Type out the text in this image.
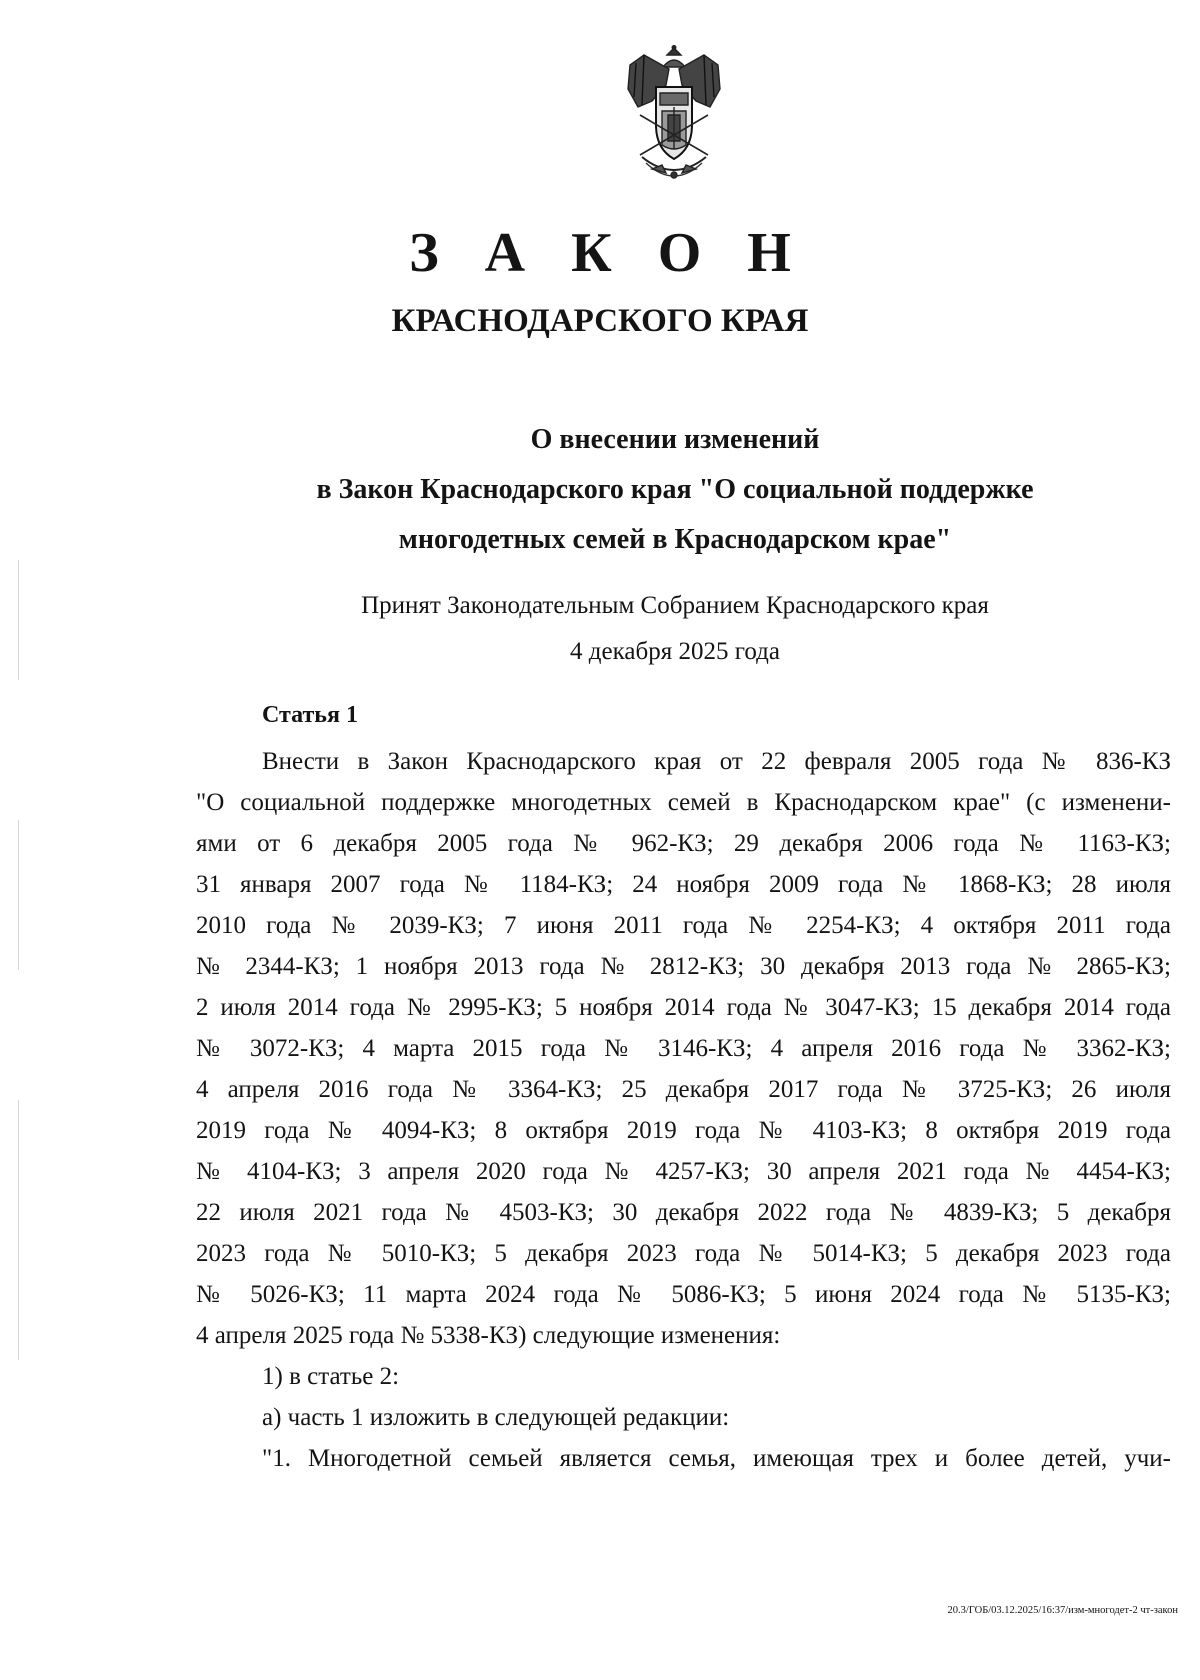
З А К О Н
КРАСНОДАРСКОГО КРАЯ
О внесении изменений
в Закон Краснодарского края "О социальной поддержке
многодетных семей в Краснодарском крае"
Принят Законодательным Собранием Краснодарского края
4 декабря 2025 года
Статья 1

Внести в Закон Краснодарского края от 22 февраля 2005 года № 836-КЗ

"О социальной поддержке многодетных семей в Краснодарском крае" (с изменени-

ями от 6 декабря 2005 года № 962-КЗ; 29 декабря 2006 года № 1163-КЗ;

31 января 2007 года № 1184-КЗ; 24 ноября 2009 года № 1868-КЗ; 28 июля

2010 года № 2039-КЗ; 7 июня 2011 года № 2254-КЗ; 4 октября 2011 года

№ 2344-КЗ; 1 ноября 2013 года № 2812-КЗ; 30 декабря 2013 года № 2865-КЗ;

2 июля 2014 года № 2995-КЗ; 5 ноября 2014 года № 3047-КЗ; 15 декабря 2014 года

№ 3072-КЗ; 4 марта 2015 года № 3146-КЗ; 4 апреля 2016 года № 3362-КЗ;

4 апреля 2016 года № 3364-КЗ; 25 декабря 2017 года № 3725-КЗ; 26 июля

2019 года № 4094-КЗ; 8 октября 2019 года № 4103-КЗ; 8 октября 2019 года

№ 4104-КЗ; 3 апреля 2020 года № 4257-КЗ; 30 апреля 2021 года № 4454-КЗ;

22 июля 2021 года № 4503-КЗ; 30 декабря 2022 года № 4839-КЗ; 5 декабря

2023 года № 5010-КЗ; 5 декабря 2023 года № 5014-КЗ; 5 декабря 2023 года

№ 5026-КЗ; 11 марта 2024 года № 5086-КЗ; 5 июня 2024 года № 5135-КЗ;

4 апреля 2025 года № 5338-КЗ) следующие изменения:

1) в статье 2:

а) часть 1 изложить в следующей редакции:

"1. Многодетной семьей является семья, имеющая трех и более детей, учи-

20.3/ГОБ/03.12.2025/16:37/изм-многодет-2 чт-закон
